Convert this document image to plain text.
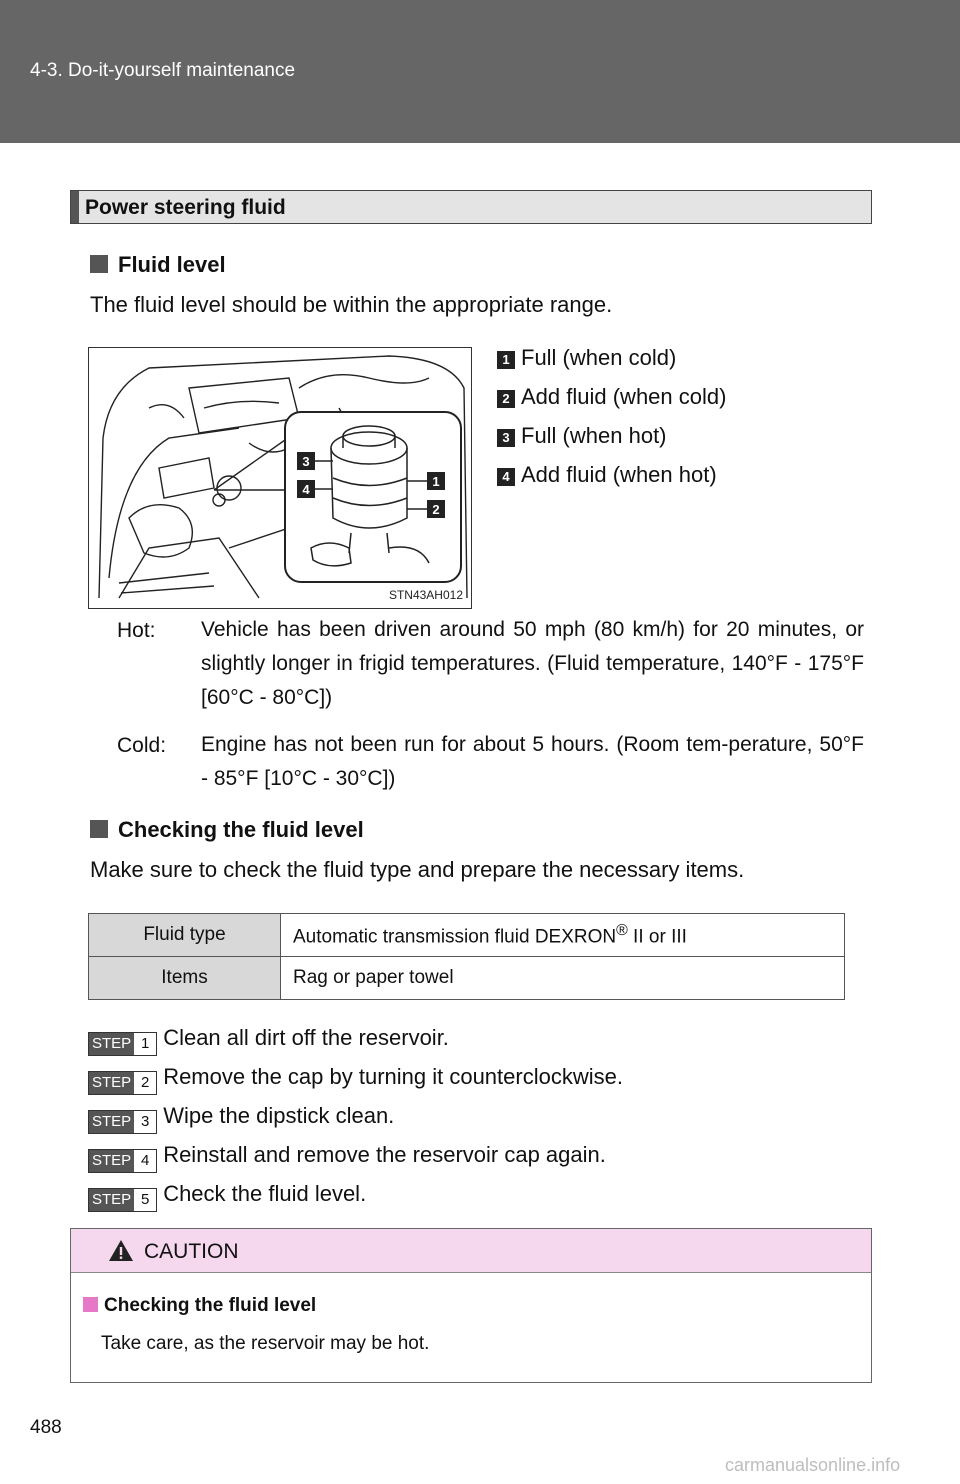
4-3. Do-it-yourself maintenance
Power steering fluid
Fluid level
The fluid level should be within the appropriate range.
3
4
1
2
STN43AH012
1 Full (when cold)
2 Add fluid (when cold)
3 Full (when hot)
4 Add fluid (when hot)
Hot: Vehicle has been driven around 50 mph (80 km/h) for 20 minutes, or slightly longer in frigid temperatures. (Fluid temperature, 140°F - 175°F [60°C - 80°C])
Cold: Engine has not been run for about 5 hours. (Room tem-perature, 50°F - 85°F [10°C - 30°C])
Checking the fluid level
Make sure to check the fluid type and prepare the necessary items.
Fluid type	Automatic transmission fluid DEXRON® II or III
Items	Rag or paper towel
STEP 1 Clean all dirt off the reservoir.
STEP 2 Remove the cap by turning it counterclockwise.
STEP 3 Wipe the dipstick clean.
STEP 4 Reinstall and remove the reservoir cap again.
STEP 5 Check the fluid level.
CAUTION
Checking the fluid level
Take care, as the reservoir may be hot.
488
carmanualsonline.info
